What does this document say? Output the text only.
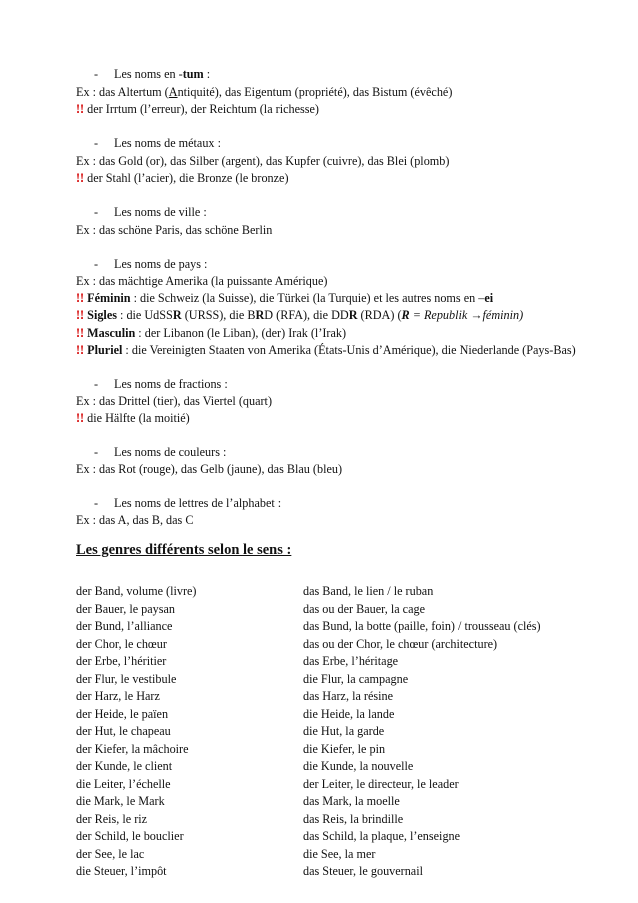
- Les noms en -tum :
Ex : das Altertum (Antiquité), das Eigentum (propriété), das Bistum (évêché)
!! der Irrtum (l’erreur), der Reichtum (la richesse)
- Les noms de métaux :
Ex : das Gold (or), das Silber (argent), das Kupfer (cuivre), das Blei (plomb)
!! der Stahl (l’acier), die Bronze (le bronze)
- Les noms de ville :
Ex : das schöne Paris, das schöne Berlin
- Les noms de pays :
Ex : das mächtige Amerika (la puissante Amérique)
!! Féminin : die Schweiz (la Suisse), die Türkei (la Turquie) et les autres noms en –ei
!! Sigles : die UdSSR (URSS), die BRD (RFA), die DDR (RDA) (R = Republik →féminin)
!! Masculin : der Libanon (le Liban), (der) Irak (l’Irak)
!! Pluriel : die Vereinigten Staaten von Amerika (États-Unis d’Amérique), die Niederlande (Pays-Bas)
- Les noms de fractions :
Ex : das Drittel (tier), das Viertel (quart)
!! die Hälfte (la moitié)
- Les noms de couleurs :
Ex : das Rot (rouge), das Gelb (jaune), das Blau (bleu)
- Les noms de lettres de l’alphabet :
Ex : das A, das B, das C
Les genres différents selon le sens :
der Band, volume (livre)	das Band, le lien / le ruban
der Bauer, le paysan	das ou der Bauer, la cage
der Bund, l’alliance	das Bund, la botte (paille, foin) / trousseau (clés)
der Chor, le chœur	das ou der Chor, le chœur (architecture)
der Erbe, l’héritier	das Erbe, l’héritage
der Flur, le vestibule	die Flur, la campagne
der Harz, le Harz	das Harz, la résine
der Heide, le païen	die Heide, la lande
der Hut, le chapeau	die Hut, la garde
der Kiefer, la mâchoire	die Kiefer, le pin
der Kunde, le client	die Kunde, la nouvelle
die Leiter, l’échelle	der Leiter, le directeur, le leader
die Mark, le Mark	das Mark, la moelle
der Reis, le riz	das Reis, la brindille
der Schild, le bouclier	das Schild, la plaque, l’enseigne
der See, le lac	die See, la mer
die Steuer, l’impôt	das Steuer, le gouvernail
